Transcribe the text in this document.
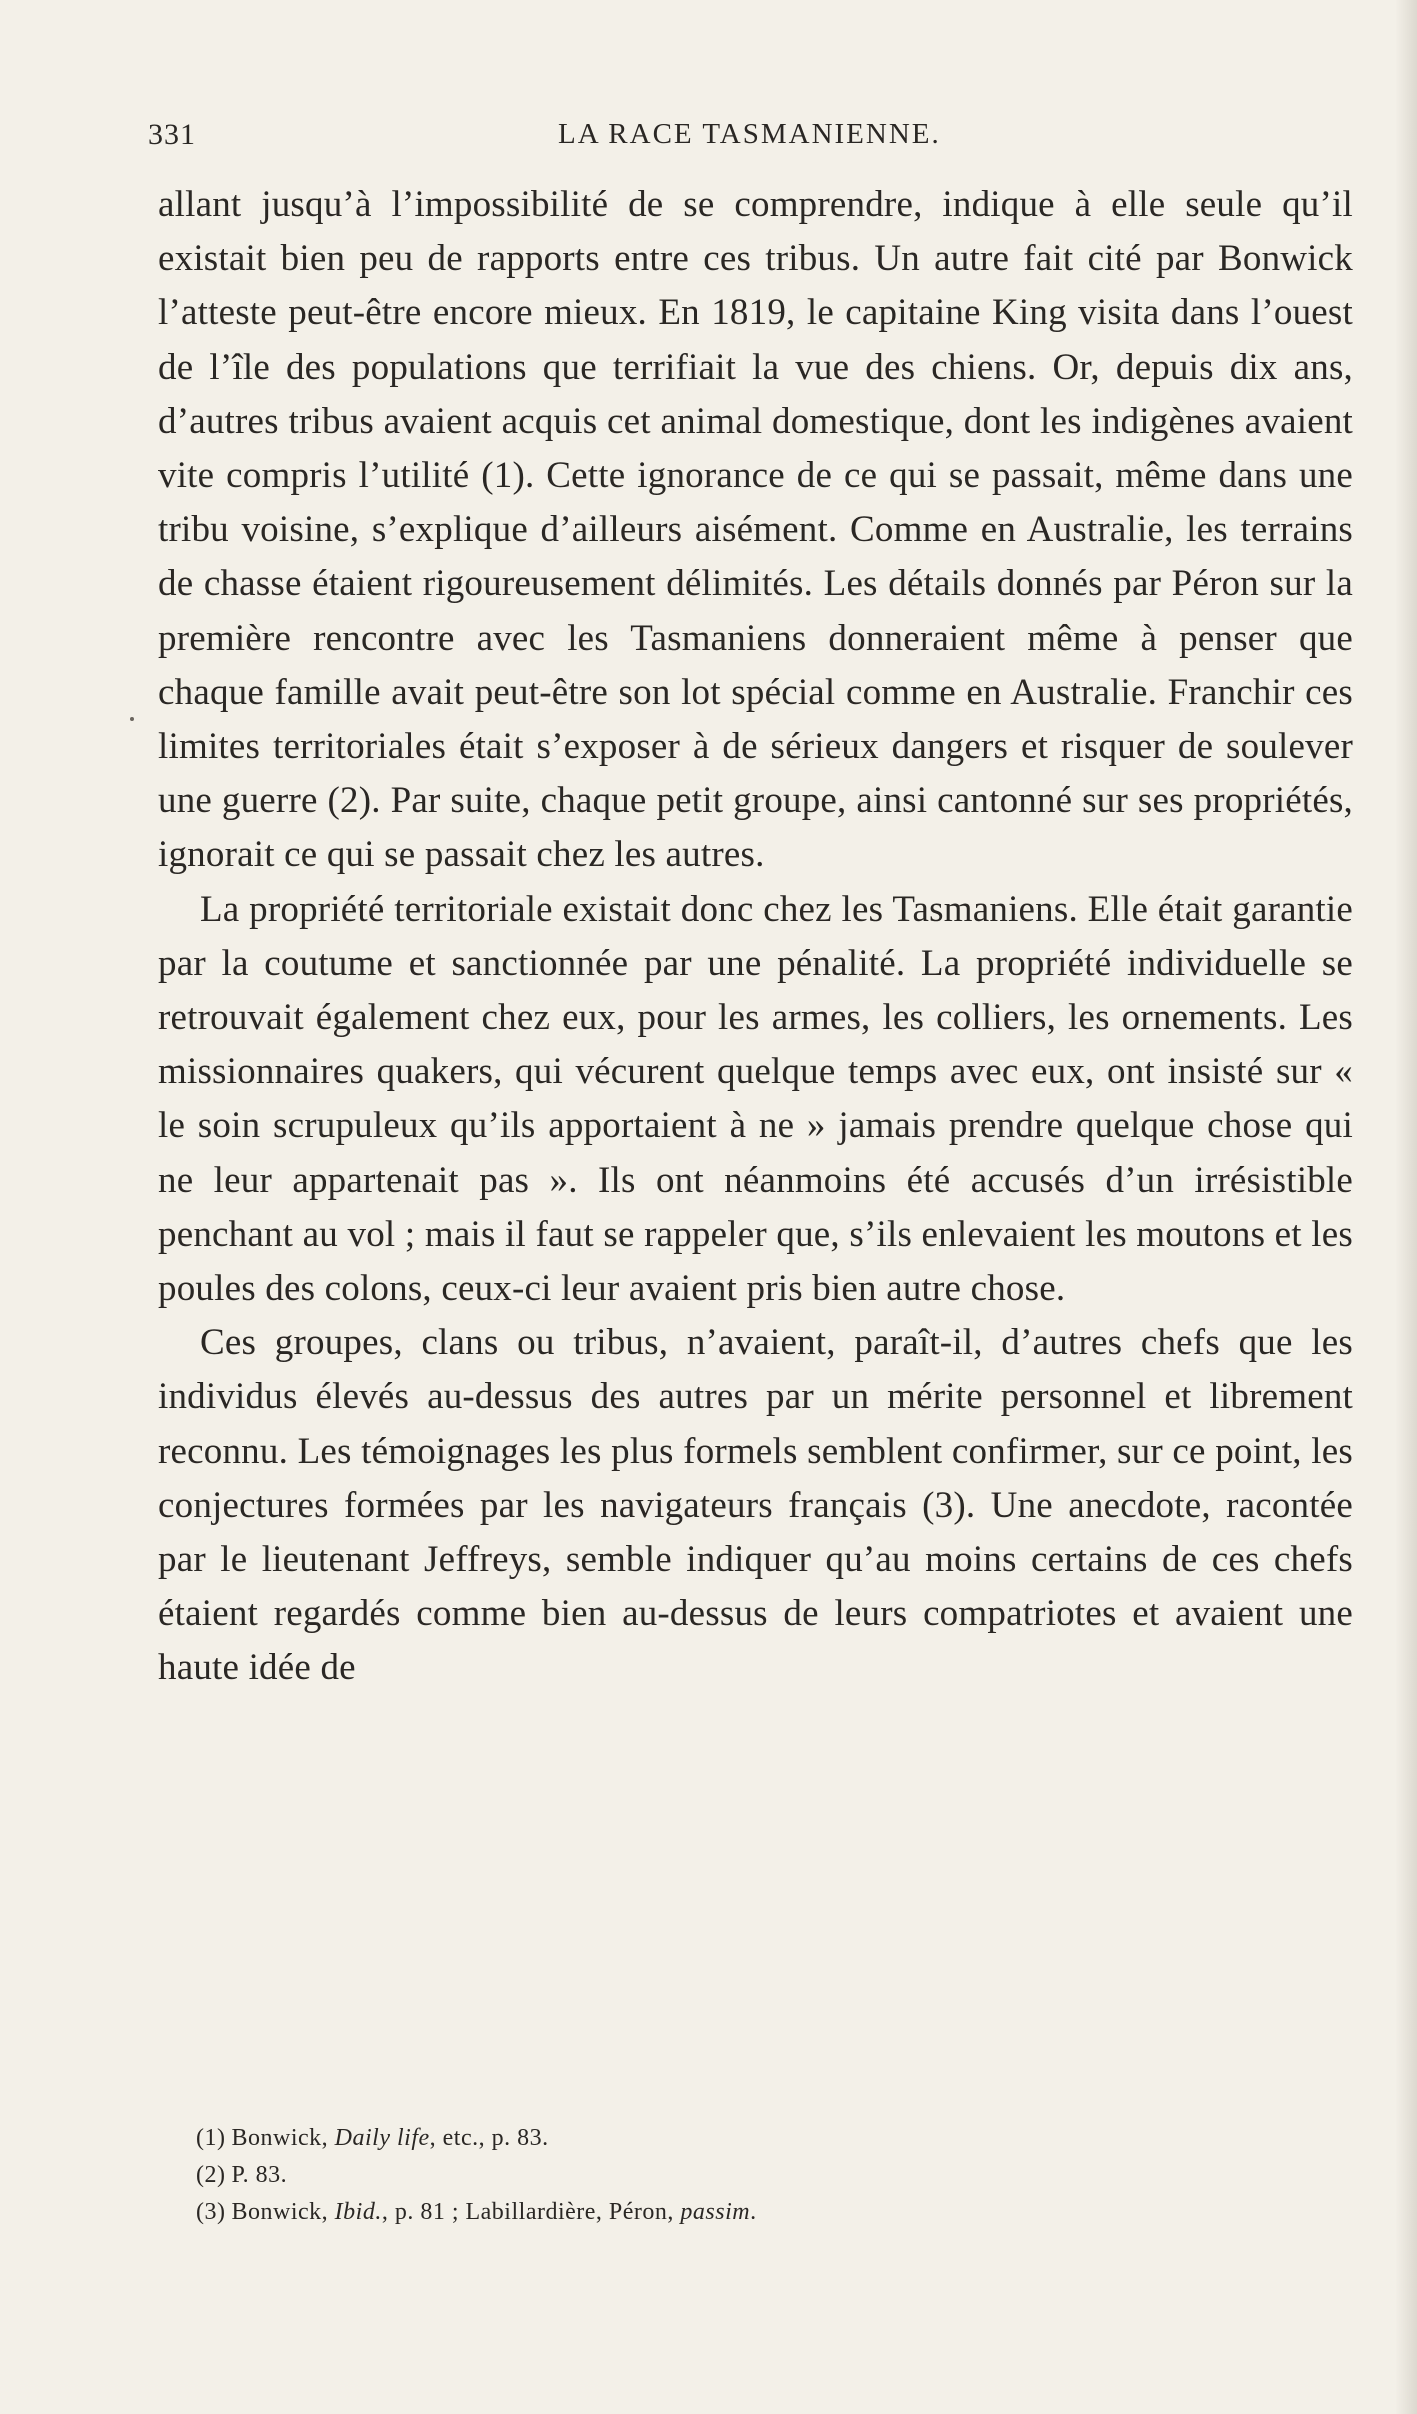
331	LA RACE TASMANIENNE.

allant jusqu’à l’impossibilité de se comprendre, indique à elle seule qu’il existait bien peu de rapports entre ces tribus. Un autre fait cité par Bonwick l’atteste peut-être encore mieux. En 1819, le capitaine King visita dans l’ouest de l’île des populations que terrifiait la vue des chiens. Or, depuis dix ans, d’autres tribus avaient acquis cet animal domestique, dont les indigènes avaient vite compris l’utilité (1). Cette ignorance de ce qui se passait, même dans une tribu voisine, s’explique d’ailleurs aisément. Comme en Australie, les terrains de chasse étaient rigoureusement délimités. Les détails donnés par Péron sur la première rencontre avec les Tasmaniens donneraient même à penser que chaque famille avait peut-être son lot spécial comme en Australie. Franchir ces limites territoriales était s’exposer à de sérieux dangers et risquer de soulever une guerre (2). Par suite, chaque petit groupe, ainsi cantonné sur ses propriétés, ignorait ce qui se passait chez les autres.

La propriété territoriale existait donc chez les Tasmaniens. Elle était garantie par la coutume et sanctionnée par une pénalité. La propriété individuelle se retrouvait également chez eux, pour les armes, les colliers, les ornements. Les missionnaires quakers, qui vécurent quelque temps avec eux, ont insisté sur « le soin scrupuleux qu’ils apportaient à ne » jamais prendre quelque chose qui ne leur appartenait pas ». Ils ont néanmoins été accusés d’un irrésistible penchant au vol ; mais il faut se rappeler que, s’ils enlevaient les moutons et les poules des colons, ceux-ci leur avaient pris bien autre chose.

Ces groupes, clans ou tribus, n’avaient, paraît-il, d’autres chefs que les individus élevés au-dessus des autres par un mérite personnel et librement reconnu. Les témoignages les plus formels semblent confirmer, sur ce point, les conjectures formées par les navigateurs français (3). Une anecdote, racontée par le lieutenant Jeffreys, semble indiquer qu’au moins certains de ces chefs étaient regardés comme bien au-dessus de leurs compatriotes et avaient une haute idée de

(1) Bonwick, Daily life, etc., p. 83.

(2) P. 83.

(3) Bonwick, Ibid., p. 81 ; Labillardière, Péron, passim.
